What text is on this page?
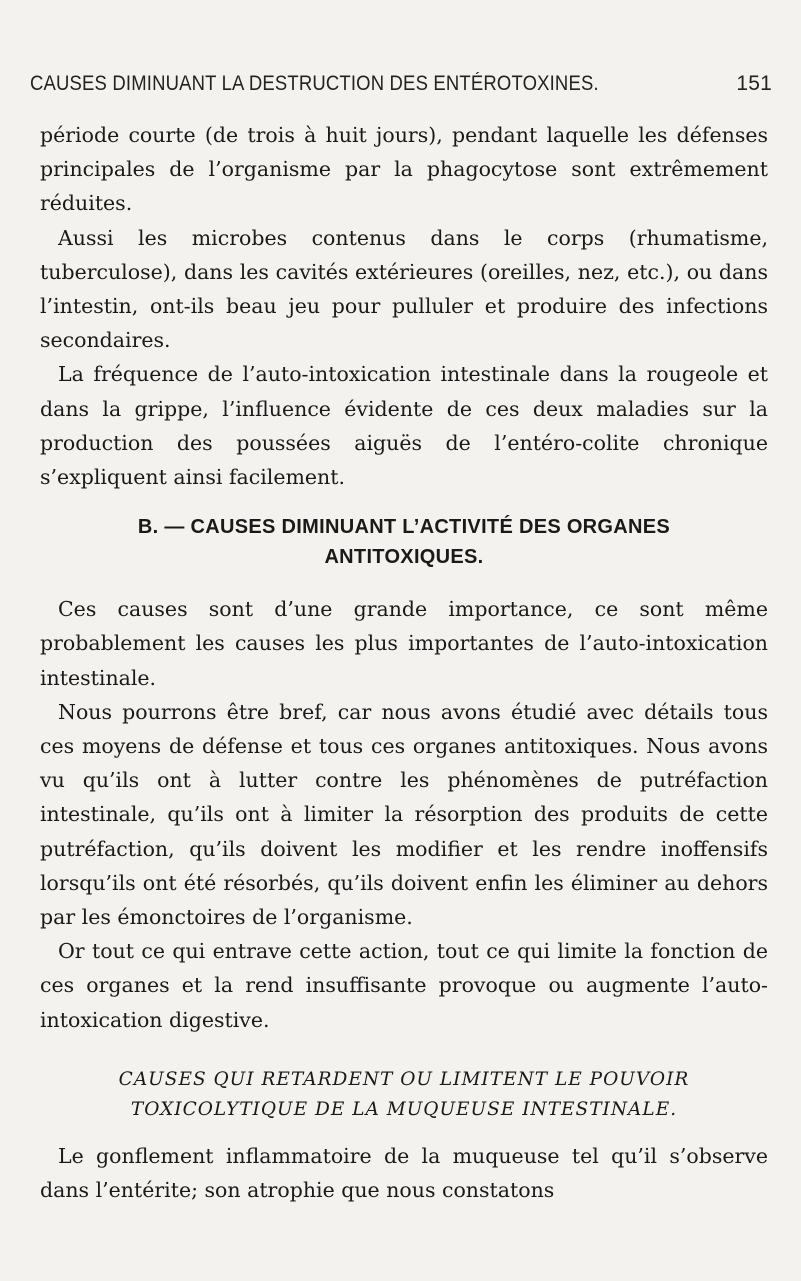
CAUSES DIMINUANT LA DESTRUCTION DES ENTÉROTOXINES.	151

période courte (de trois à huit jours), pendant laquelle les défenses principales de l’organisme par la phagocytose sont extrêmement réduites.

Aussi les microbes contenus dans le corps (rhumatisme, tuberculose), dans les cavités extérieures (oreilles, nez, etc.), ou dans l’intestin, ont-ils beau jeu pour pulluler et produire des infections secondaires.

La fréquence de l’auto-intoxication intestinale dans la rougeole et dans la grippe, l’influence évidente de ces deux maladies sur la production des poussées aiguës de l’entéro-colite chronique s’expliquent ainsi facilement.

B. — CAUSES DIMINUANT L’ACTIVITÉ DES ORGANES
ANTITOXIQUES.

Ces causes sont d’une grande importance, ce sont même probablement les causes les plus importantes de l’auto-intoxication intestinale.

Nous pourrons être bref, car nous avons étudié avec détails tous ces moyens de défense et tous ces organes antitoxiques. Nous avons vu qu’ils ont à lutter contre les phénomènes de putréfaction intestinale, qu’ils ont à limiter la résorption des produits de cette putréfaction, qu’ils doivent les modifier et les rendre inoffensifs lorsqu’ils ont été résorbés, qu’ils doivent enfin les éliminer au dehors par les émonctoires de l’organisme.

Or tout ce qui entrave cette action, tout ce qui limite la fonction de ces organes et la rend insuffisante provoque ou augmente l’auto-intoxication digestive.

CAUSES QUI RETARDENT OU LIMITENT LE POUVOIR
TOXICOLYTIQUE DE LA MUQUEUSE INTESTINALE.

Le gonflement inflammatoire de la muqueuse tel qu’il s’observe dans l’entérite; son atrophie que nous constatons
